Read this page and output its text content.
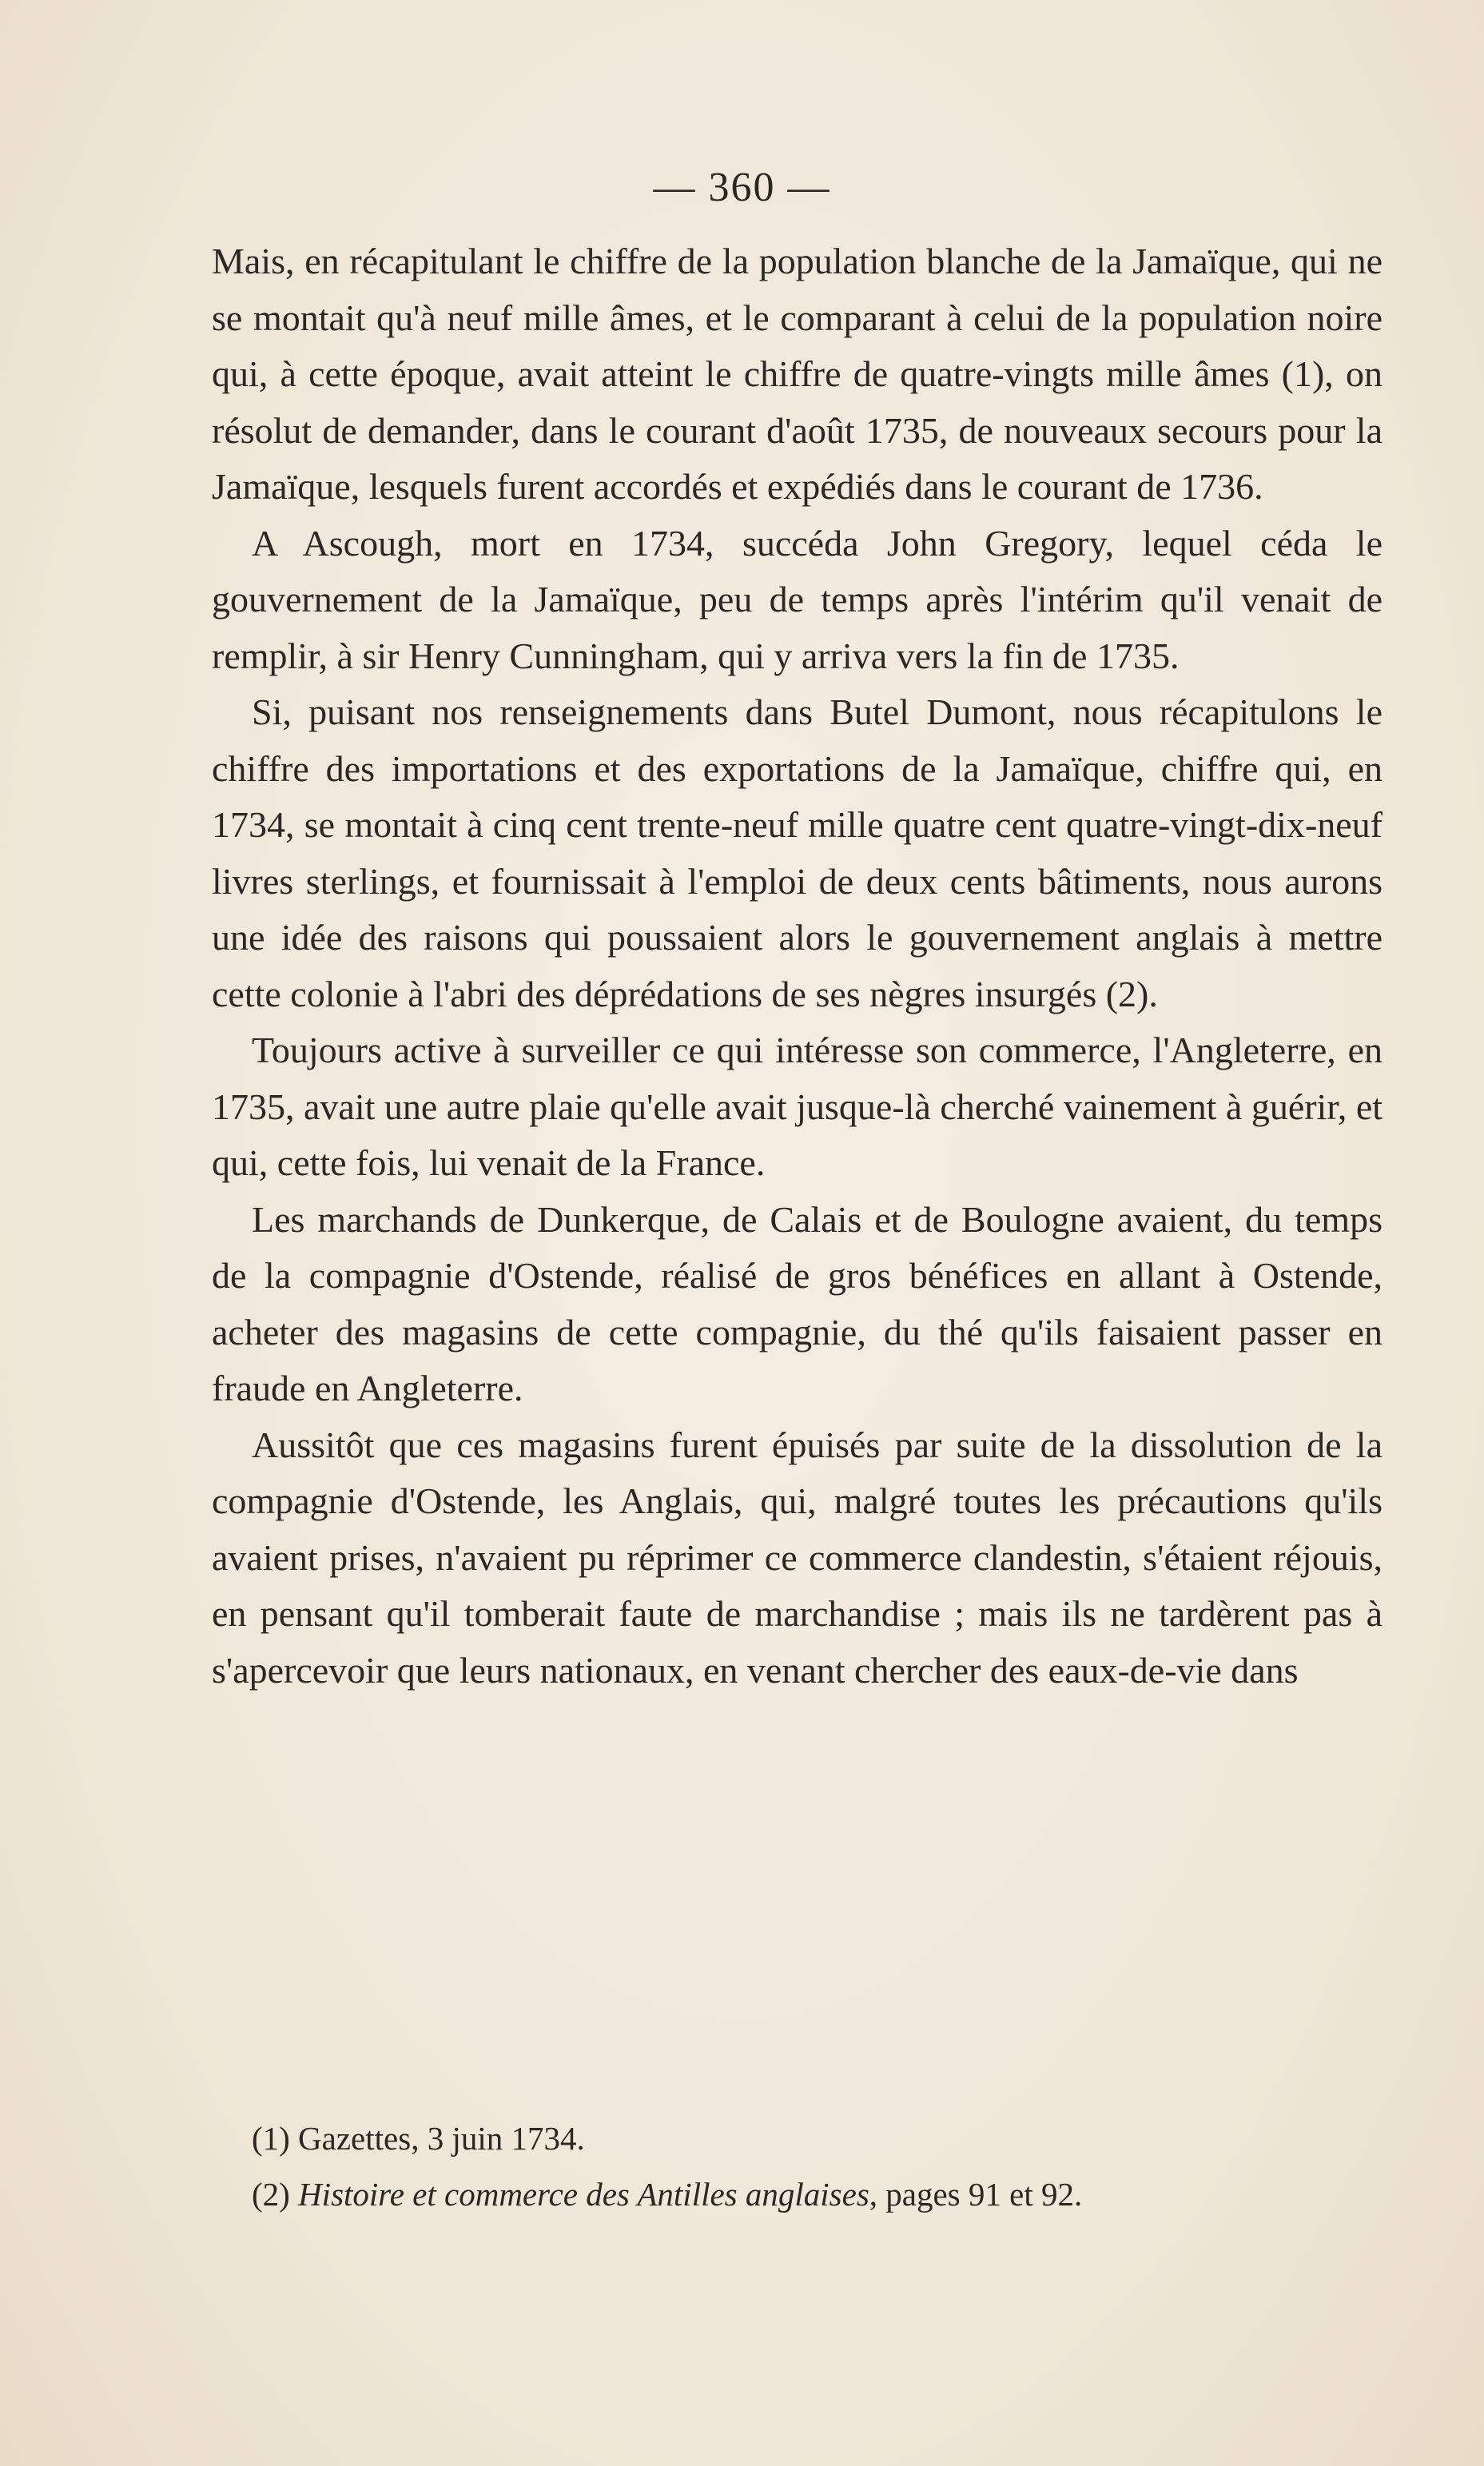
— 360 —

Mais, en récapitulant le chiffre de la population blanche de la Jamaïque, qui ne se montait qu'à neuf mille âmes, et le comparant à celui de la population noire qui, à cette époque, avait atteint le chiffre de quatre-vingts mille âmes (1), on résolut de demander, dans le courant d'août 1735, de nouveaux secours pour la Jamaïque, lesquels furent accordés et expédiés dans le courant de 1736.

A Ascough, mort en 1734, succéda John Gregory, lequel céda le gouvernement de la Jamaïque, peu de temps après l'intérim qu'il venait de remplir, à sir Henry Cunningham, qui y arriva vers la fin de 1735.

Si, puisant nos renseignements dans Butel Dumont, nous récapitulons le chiffre des importations et des exportations de la Jamaïque, chiffre qui, en 1734, se montait à cinq cent trente-neuf mille quatre cent quatre-vingt-dix-neuf livres sterlings, et fournissait à l'emploi de deux cents bâtiments, nous aurons une idée des raisons qui poussaient alors le gouvernement anglais à mettre cette colonie à l'abri des déprédations de ses nègres insurgés (2).

Toujours active à surveiller ce qui intéresse son commerce, l'Angleterre, en 1735, avait une autre plaie qu'elle avait jusque-là cherché vainement à guérir, et qui, cette fois, lui venait de la France.

Les marchands de Dunkerque, de Calais et de Boulogne avaient, du temps de la compagnie d'Ostende, réalisé de gros bénéfices en allant à Ostende, acheter des magasins de cette compagnie, du thé qu'ils faisaient passer en fraude en Angleterre.

Aussitôt que ces magasins furent épuisés par suite de la dissolution de la compagnie d'Ostende, les Anglais, qui, malgré toutes les précautions qu'ils avaient prises, n'avaient pu réprimer ce commerce clandestin, s'étaient réjouis, en pensant qu'il tomberait faute de marchandise ; mais ils ne tardèrent pas à s'apercevoir que leurs nationaux, en venant chercher des eaux-de-vie dans

(1) Gazettes, 3 juin 1734.

(2) Histoire et commerce des Antilles anglaises, pages 91 et 92.
